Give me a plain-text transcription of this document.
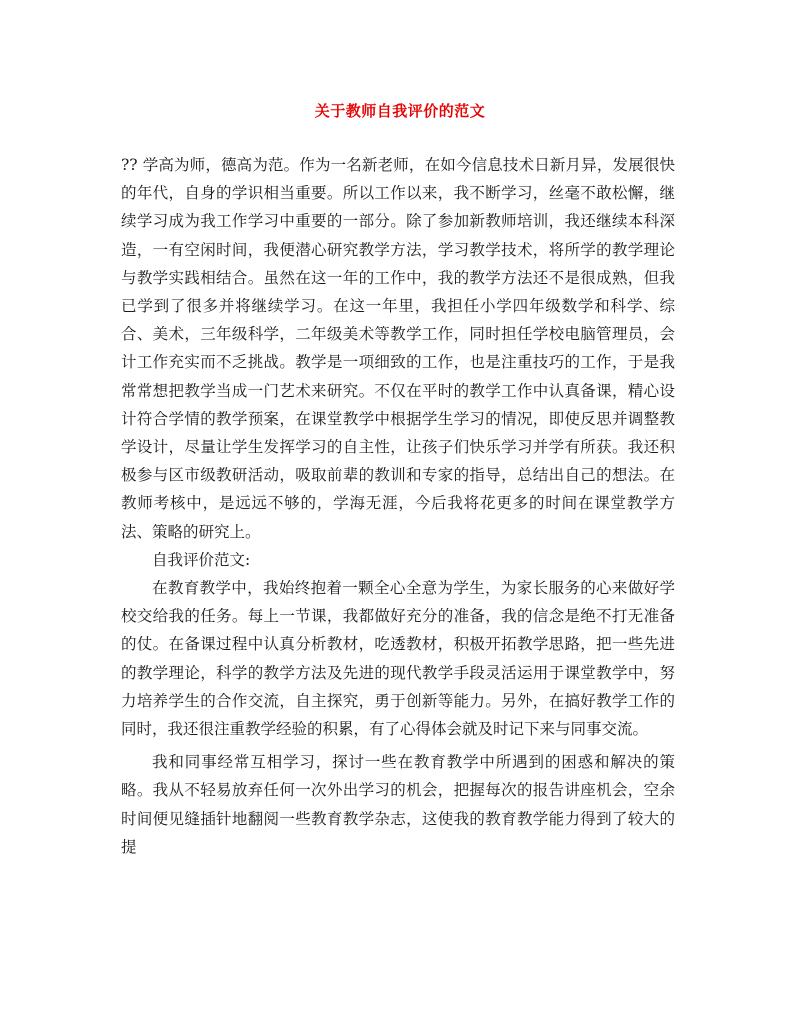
关于教师自我评价的范文

?? 学高为师，德高为范。作为一名新老师，在如今信息技术日新月异，发展很快的年代，自身的学识相当重要。所以工作以来，我不断学习，丝毫不敢松懈，继续学习成为我工作学习中重要的一部分。除了参加新教师培训，我还继续本科深造，一有空闲时间，我便潜心研究教学方法，学习教学技术，将所学的教学理论与教学实践相结合。虽然在这一年的工作中，我的教学方法还不是很成熟，但我已学到了很多并将继续学习。在这一年里，我担任小学四年级数学和科学、综合、美术，三年级科学，二年级美术等教学工作，同时担任学校电脑管理员，会计工作充实而不乏挑战。教学是一项细致的工作，也是注重技巧的工作，于是我常常想把教学当成一门艺术来研究。不仅在平时的教学工作中认真备课，精心设计符合学情的教学预案，在课堂教学中根据学生学习的情况，即使反思并调整教学设计，尽量让学生发挥学习的自主性，让孩子们快乐学习并学有所获。我还积极参与区市级教研活动，吸取前辈的教训和专家的指导，总结出自己的想法。在教师考核中，是远远不够的，学海无涯，今后我将花更多的时间在课堂教学方法、策略的研究上。

自我评价范文:

在教育教学中，我始终抱着一颗全心全意为学生，为家长服务的心来做好学校交给我的任务。每上一节课，我都做好充分的准备，我的信念是绝不打无准备的仗。在备课过程中认真分析教材，吃透教材，积极开拓教学思路，把一些先进的教学理论，科学的教学方法及先进的现代教学手段灵活运用于课堂教学中，努力培养学生的合作交流，自主探究，勇于创新等能力。另外，在搞好教学工作的同时，我还很注重教学经验的积累，有了心得体会就及时记下来与同事交流。

我和同事经常互相学习，探讨一些在教育教学中所遇到的困惑和解决的策略。我从不轻易放弃任何一次外出学习的机会，把握每次的报告讲座机会，空余时间便见缝插针地翻阅一些教育教学杂志，这使我的教育教学能力得到了较大的提
